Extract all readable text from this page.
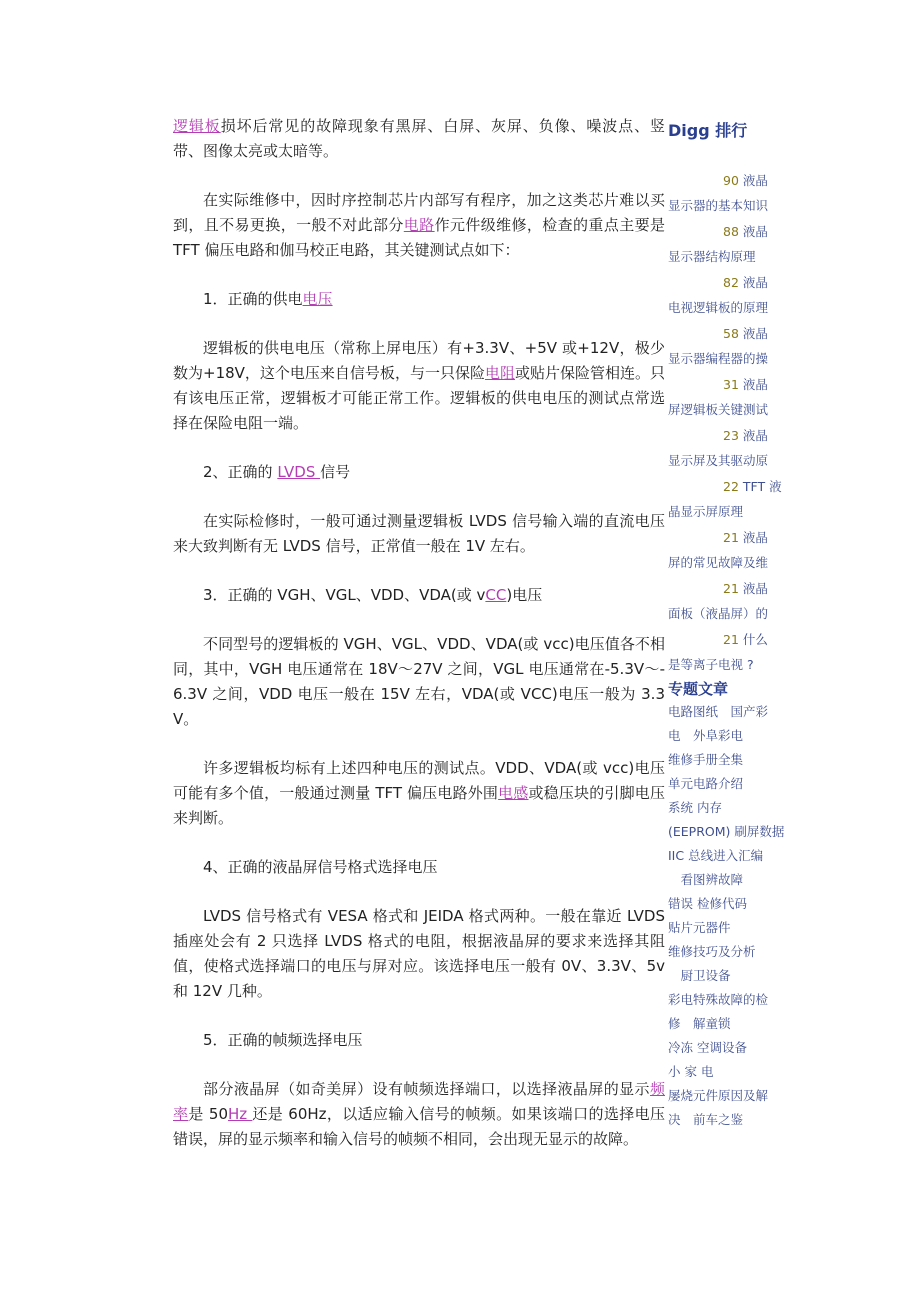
逻辑板损坏后常见的故障现象有黑屏、白屏、灰屏、负像、噪波点、竖带、图像太亮或太暗等。

在实际维修中，因时序控制芯片内部写有程序，加之这类芯片难以买到，且不易更换，一般不对此部分电路作元件级维修，检查的重点主要是 TFT 偏压电路和伽马校正电路，其关键测试点如下：

1．正确的供电电压

逻辑板的供电电压（常称上屏电压）有+3.3V、+5V 或+12V，极少数为+18V，这个电压来自信号板，与一只保险电阻或贴片保险管相连。只有该电压正常，逻辑板才可能正常工作。逻辑板的供电电压的测试点常选择在保险电阻一端。

2、正确的 LVDS 信号

在实际检修时，一般可通过测量逻辑板 LVDS 信号输入端的直流电压来大致判断有无 LVDS 信号，正常值一般在 1V 左右。

3．正确的 VGH、VGL、VDD、VDA(或 vCC)电压

不同型号的逻辑板的 VGH、VGL、VDD、VDA(或 vcc)电压值各不相同，其中，VGH 电压通常在 18V～27V 之间，VGL 电压通常在-5.3V～-6.3V 之间，VDD 电压一般在 15V 左右，VDA(或 VCC)电压一般为 3.3V。

许多逻辑板均标有上述四种电压的测试点。VDD、VDA(或 vcc)电压可能有多个值，一般通过测量 TFT 偏压电路外围电感或稳压块的引脚电压来判断。

4、正确的液晶屏信号格式选择电压

LVDS 信号格式有 VESA 格式和 JEIDA 格式两种。一般在靠近 LVDS 插座处会有 2 只选择 LVDS 格式的电阻，根据液晶屏的要求来选择其阻值，使格式选择端口的电压与屏对应。该选择电压一般有 0V、3.3V、5v 和 12V 几种。

5．正确的帧频选择电压

部分液晶屏（如奇美屏）设有帧频选择端口，以选择液晶屏的显示频率是 50Hz 还是 60Hz，以适应输入信号的帧频。如果该端口的选择电压错误，屏的显示频率和输入信号的帧频不相同，会出现无显示的故障。

Digg 排行
90 液晶
显示器的基本知识
88 液晶
显示器结构原理
82 液晶
电视逻辑板的原理
58 液晶
显示器编程器的操
31 液晶
屏逻辑板关键测试
23 液晶
显示屏及其驱动原
22 TFT 液
晶显示屏原理
21 液晶
屏的常见故障及维
21 液晶
面板（液晶屏）的
21 什么
是等离子电视 ?
专题文章
电路图纸　国产彩
电　外阜彩电
维修手册全集
单元电路介绍
系统 内存
(EEPROM) 刷屏数据
IIC 总线进入汇编
　看图辨故障
错误 检修代码
贴片元器件
维修技巧及分析
　厨卫设备
彩电特殊故障的检
修　解童锁
冷冻 空调设备
小 家 电
屡烧元件原因及解
决　前车之鉴
